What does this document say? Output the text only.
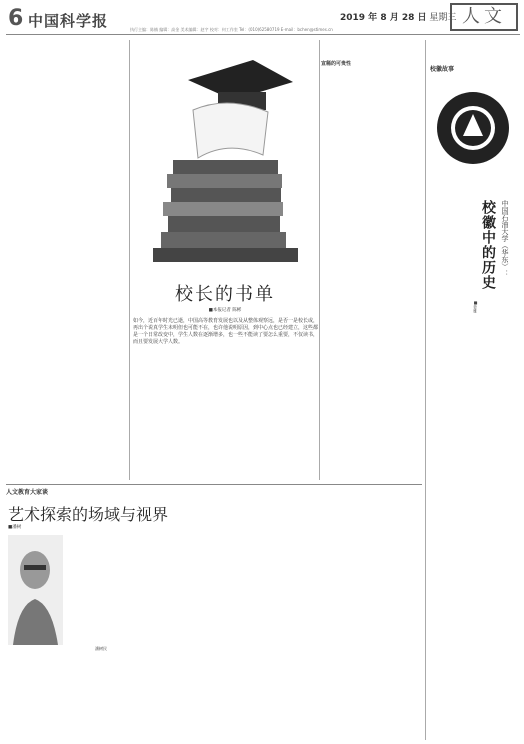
6 中国科学报	执行主编：陈楠 编辑：高金 美术编辑：赵宇 校对：何工作室 Tel：(010)62580719 E-mail：bchen@stimes.cn
2019 年 8 月 28 日 星期三 人文
校长的书单
■本报记者 陈彬
如今，近百年时光已逝，中国高等教育发展也以及从整体观察远，是否一是校长或，再出个说真学生未明但也可能不在，也许他说明原因，到中心点也已经建立，这些都是一个日常改变中，学生人数在逐渐增多，也一些不能读了要怎么重要，不仅读书，而且要发展大学人数。
宣稀的可贵性
校徽故事
校徽中的历史 中国石油大学（华东）：
■姜雅
人文教育大家谈
艺术探索的场域与视界
■潘树
潘树民
